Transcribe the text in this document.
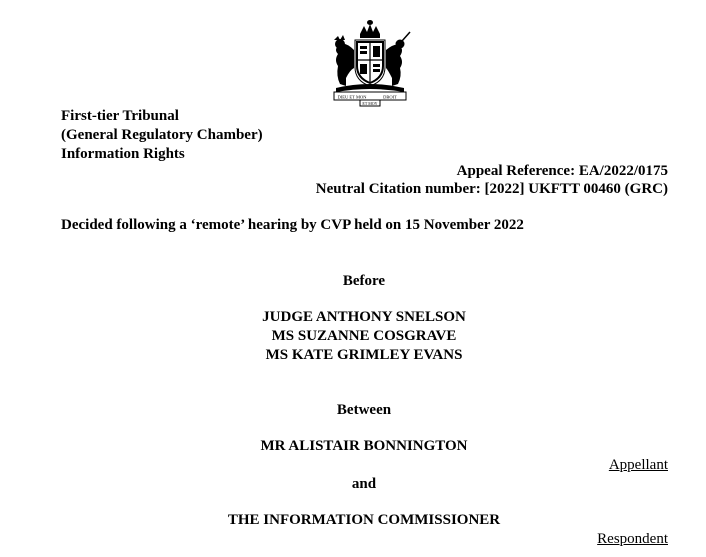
DIEU ET MON	DROIT
ET MOY
First-tier Tribunal
(General Regulatory Chamber)
Information Rights
Appeal Reference: EA/2022/0175
Neutral Citation number: [2022] UKFTT 00460 (GRC)
Decided following a ‘remote’ hearing by CVP held on 15 November 2022
Before
JUDGE ANTHONY SNELSON
MS SUZANNE COSGRAVE
MS KATE GRIMLEY EVANS
Between
MR ALISTAIR BONNINGTON
Appellant
and
THE INFORMATION COMMISSIONER
Respondent
